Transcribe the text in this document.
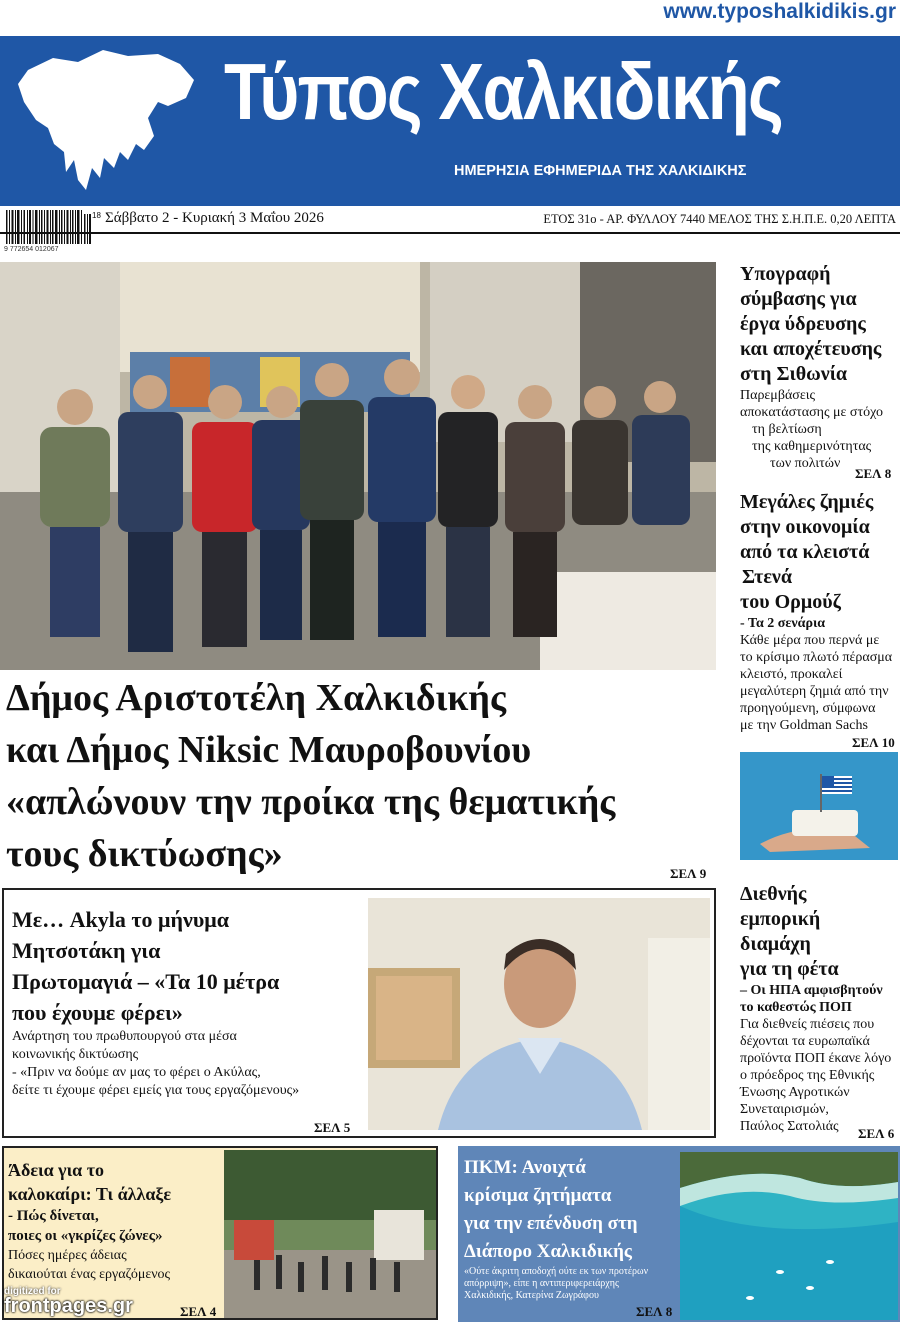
www.typoshalkidikis.gr
Τύπος Χαλκιδικής
ΗΜΕΡΗΣΙΑ ΕΦΗΜΕΡΙΔΑ ΤΗΣ ΧΑΛΚΙΔΙΚΗΣ
18
9 772654 012067
Σάββατο 2 - Κυριακή 3 Μαΐου 2026	ΕΤΟΣ 31ο - ΑΡ. ΦΥΛΛΟΥ 7440 ΜΕΛΟΣ ΤΗΣ Σ.Η.Π.Ε. 0,20 ΛΕΠΤΑ
Δήμος Αριστοτέλη Χαλκιδικής
και Δήμος Niksic Μαυροβουνίου
«απλώνουν την προίκα της θεματικής
τους δικτύωσης»	ΣΕΛ 9
Υπογραφή
σύμβασης για
έργα ύδρευσης
και αποχέτευσης
στη Σιθωνία
Παρεμβάσεις
αποκατάστασης με στόχο
τη βελτίωση
της καθημερινότητας
των πολιτών
ΣΕΛ 8
Μεγάλες ζημιές
στην οικονομία
από τα κλειστά
Στενά
του Ορμούζ
- Τα 2 σενάρια
Κάθε μέρα που περνά με
το κρίσιμο πλωτό πέρασμα
κλειστό, προκαλεί
μεγαλύτερη ζημιά από την
προηγούμενη, σύμφωνα
με την Goldman Sachs
ΣΕΛ 10
Διεθνής
εμπορική
διαμάχη
για τη φέτα
– Οι ΗΠΑ αμφισβητούν
το καθεστώς ΠΟΠ
Για διεθνείς πιέσεις που
δέχονται τα ευρωπαϊκά
προϊόντα ΠΟΠ έκανε λόγο
ο πρόεδρος της Εθνικής
Ένωσης Αγροτικών
Συνεταιρισμών,
Παύλος Σατολιάς	ΣΕΛ 6
Με… Akyla το μήνυμα
Μητσοτάκη για
Πρωτομαγιά – «Τα 10 μέτρα
που έχουμε φέρει»
Ανάρτηση του πρωθυπουργού στα μέσα
κοινωνικής δικτύωσης
- «Πριν να δούμε αν μας το φέρει ο Ακύλας,
δείτε τι έχουμε φέρει εμείς για τους εργαζόμενους»
ΣΕΛ 5
Άδεια για το
καλοκαίρι: Τι άλλαξε
- Πώς δίνεται,
ποιες οι «γκρίζες ζώνες»
Πόσες ημέρες άδειας
δικαιούται ένας εργαζόμενος
ΣΕΛ 4
digitized for
frontpages.gr
ΠΚΜ: Ανοιχτά
κρίσιμα ζητήματα
για την επένδυση στη
Διάπορο Χαλκιδικής
«Ούτε άκριτη αποδοχή ούτε εκ των προτέρων
απόρριψη», είπε η αντιπεριφερειάρχης
Χαλκιδικής, Κατερίνα Ζωγράφου
ΣΕΛ 8
